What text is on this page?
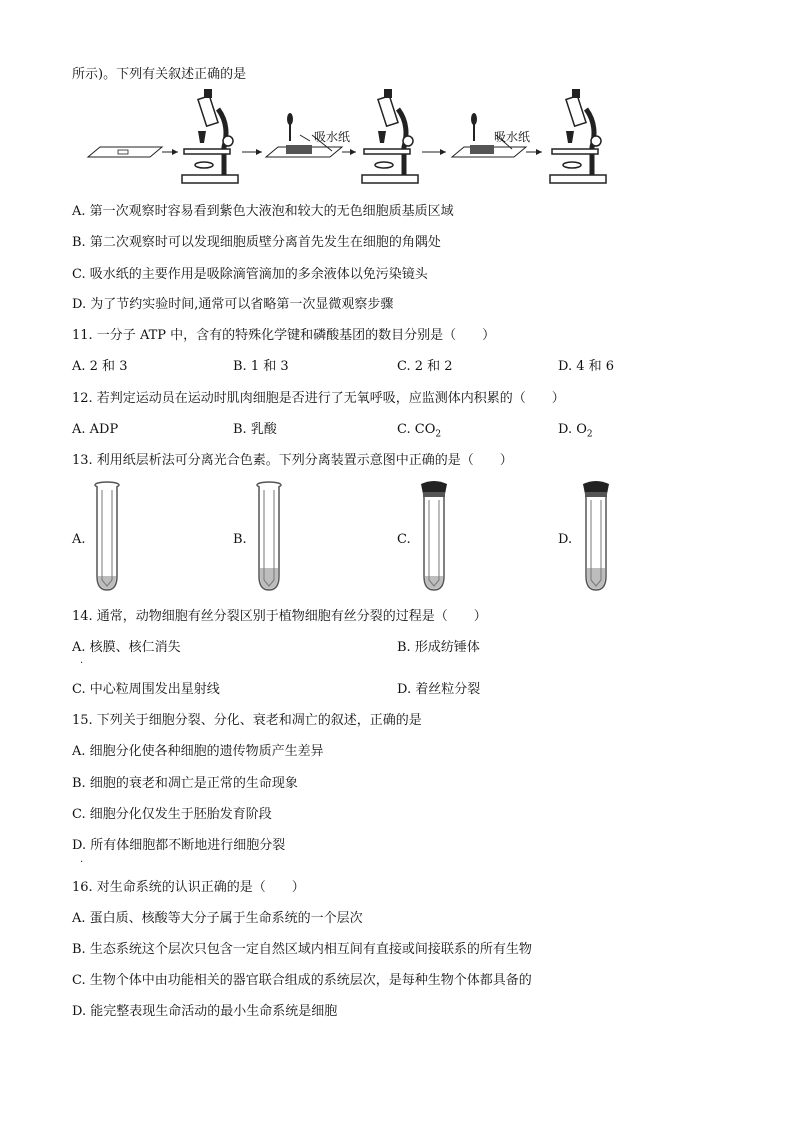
所示)。下列有关叙述正确的是
吸水纸	吸水纸
A. 第一次观察时容易看到紫色大液泡和较大的无色细胞质基质区域
B. 第二次观察时可以发现细胞质壁分离首先发生在细胞的角隅处
C. 吸水纸的主要作用是吸除滴管滴加的多余液体以免污染镜头
D. 为了节约实验时间,通常可以省略第一次显微观察步骤
11. 一分子 ATP 中，含有的特殊化学键和磷酸基团的数目分别是（　　）
A. 2 和 3	B. 1 和 3	C. 2 和 2	D. 4 和 6
12. 若判定运动员在运动时肌肉细胞是否进行了无氧呼吸，应监测体内积累的（　　）
A. ADP	B. 乳酸	C. $CO_2$	D. $O_2$
13. 利用纸层析法可分离光合色素。下列分离装置示意图中正确的是（　　）
A.	B.	C.	D.
14. 通常，动物细胞有丝分裂区别于植物细胞有丝分裂的过程是（　　）
A. 核膜、核仁消失
.
B. 形成纺锤体
C. 中心粒周围发出星射线	D. 着丝粒分裂
15. 下列关于细胞分裂、分化、衰老和凋亡的叙述，正确的是
A. 细胞分化使各种细胞的遗传物质产生差异
B. 细胞的衰老和凋亡是正常的生命现象
C. 细胞分化仅发生于胚胎发育阶段
D. 所有体细胞都不断地进行细胞分裂
.
16. 对生命系统的认识正确的是（　　）
A. 蛋白质、核酸等大分子属于生命系统的一个层次
B. 生态系统这个层次只包含一定自然区域内相互间有直接或间接联系的所有生物
C. 生物个体中由功能相关的器官联合组成的系统层次，是每种生物个体都具备的
D. 能完整表现生命活动的最小生命系统是细胞
